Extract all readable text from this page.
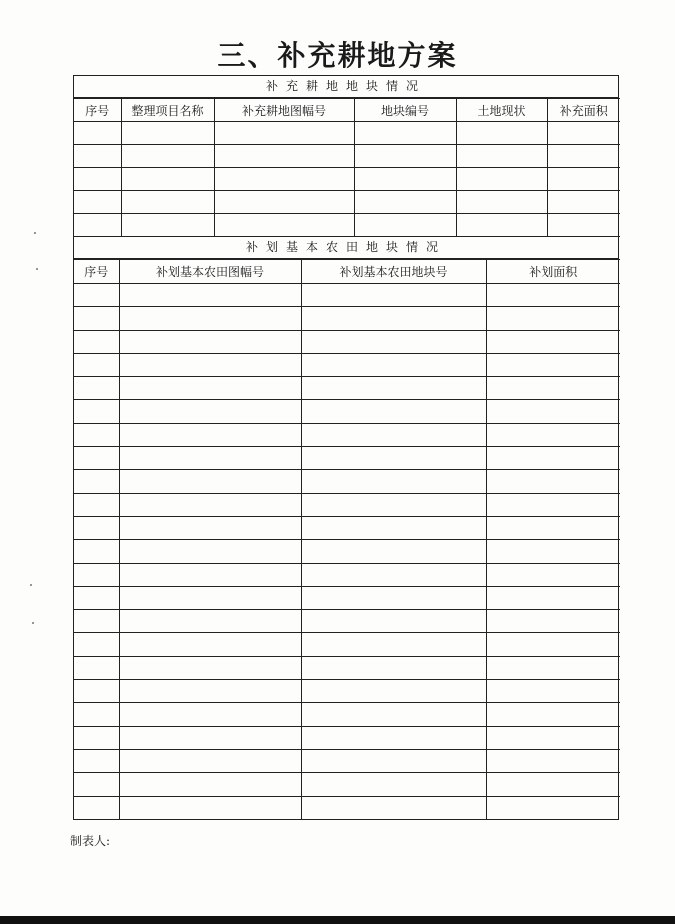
三、补充耕地方案
补充耕地地块情况
序号	整理项目名称	补充耕地图幅号	地块编号	土地现状	补充面积

补划基本农田地块情况
序号	补划基本农田图幅号	补划基本农田地块号	补划面积

制表人:
